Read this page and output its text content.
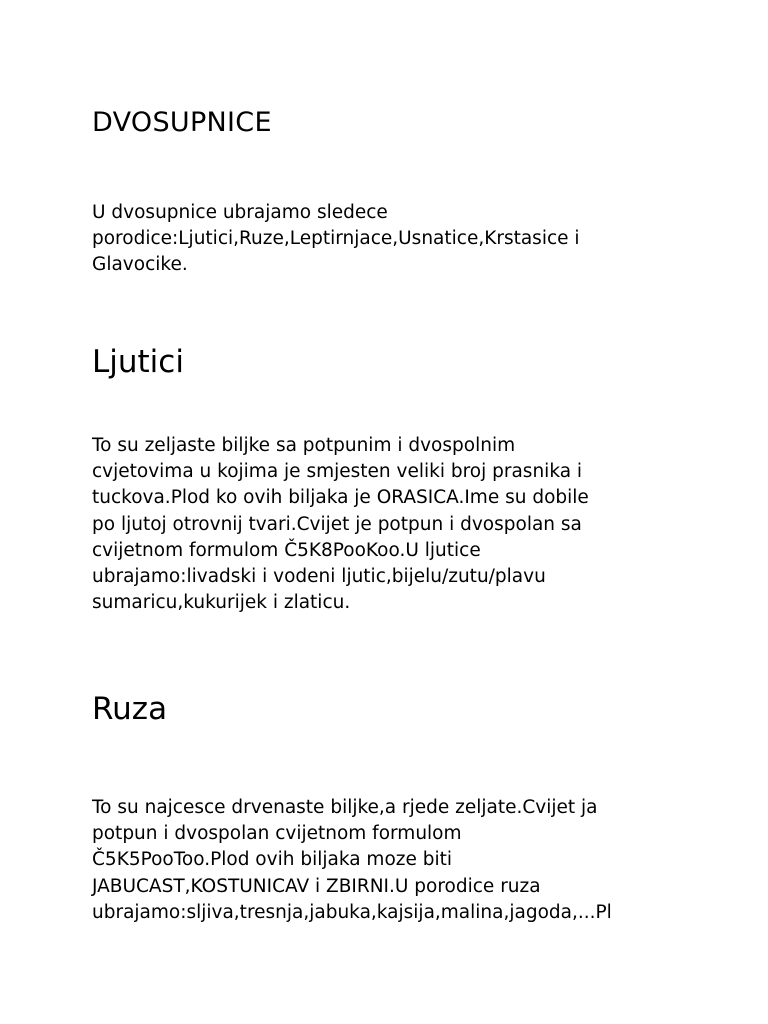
DVOSUPNICE

U dvosupnice ubrajamo sledece
porodice:Ljutici,Ruze,Leptirnjace,Usnatice,Krstasice i
Glavocike.

Ljutici

To su zeljaste biljke sa potpunim i dvospolnim
cvjetovima u kojima je smjesten veliki broj prasnika i
tuckova.Plod ko ovih biljaka je ORASICA.Ime su dobile
po ljutoj otrovnij tvari.Cvijet je potpun i dvospolan sa
cvijetnom formulom Č5K8PooKoo.U ljutice
ubrajamo:livadski i vodeni ljutic,bijelu/zutu/plavu
sumaricu,kukurijek i zlaticu.

Ruza

To su najcesce drvenaste biljke,a rjede zeljate.Cvijet ja
potpun i dvospolan cvijetnom formulom
Č5K5PooToo.Plod ovih biljaka moze biti
JABUCAST,KOSTUNICAV i ZBIRNI.U porodice ruza
ubrajamo:sljiva,tresnja,jabuka,kajsija,malina,jagoda,...Pl
